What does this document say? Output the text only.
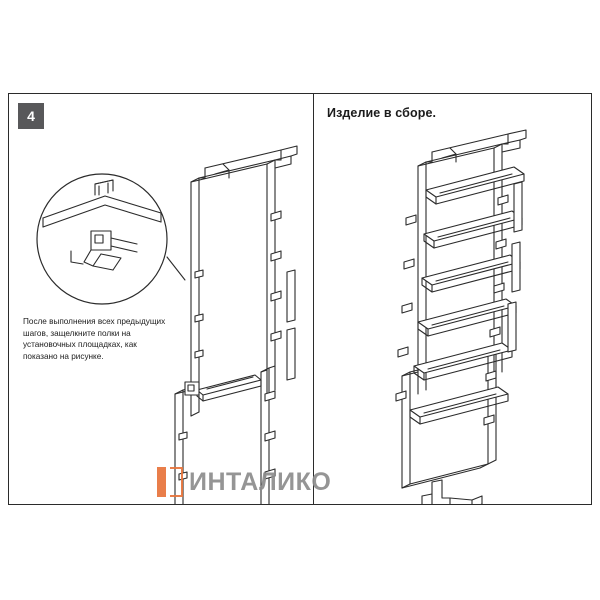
4	Изделие в сборе.
После выполнения всех предыдущих шагов, защелкните полки на установочных площадках, как показано на рисунке.
ИНТАЛИКО
